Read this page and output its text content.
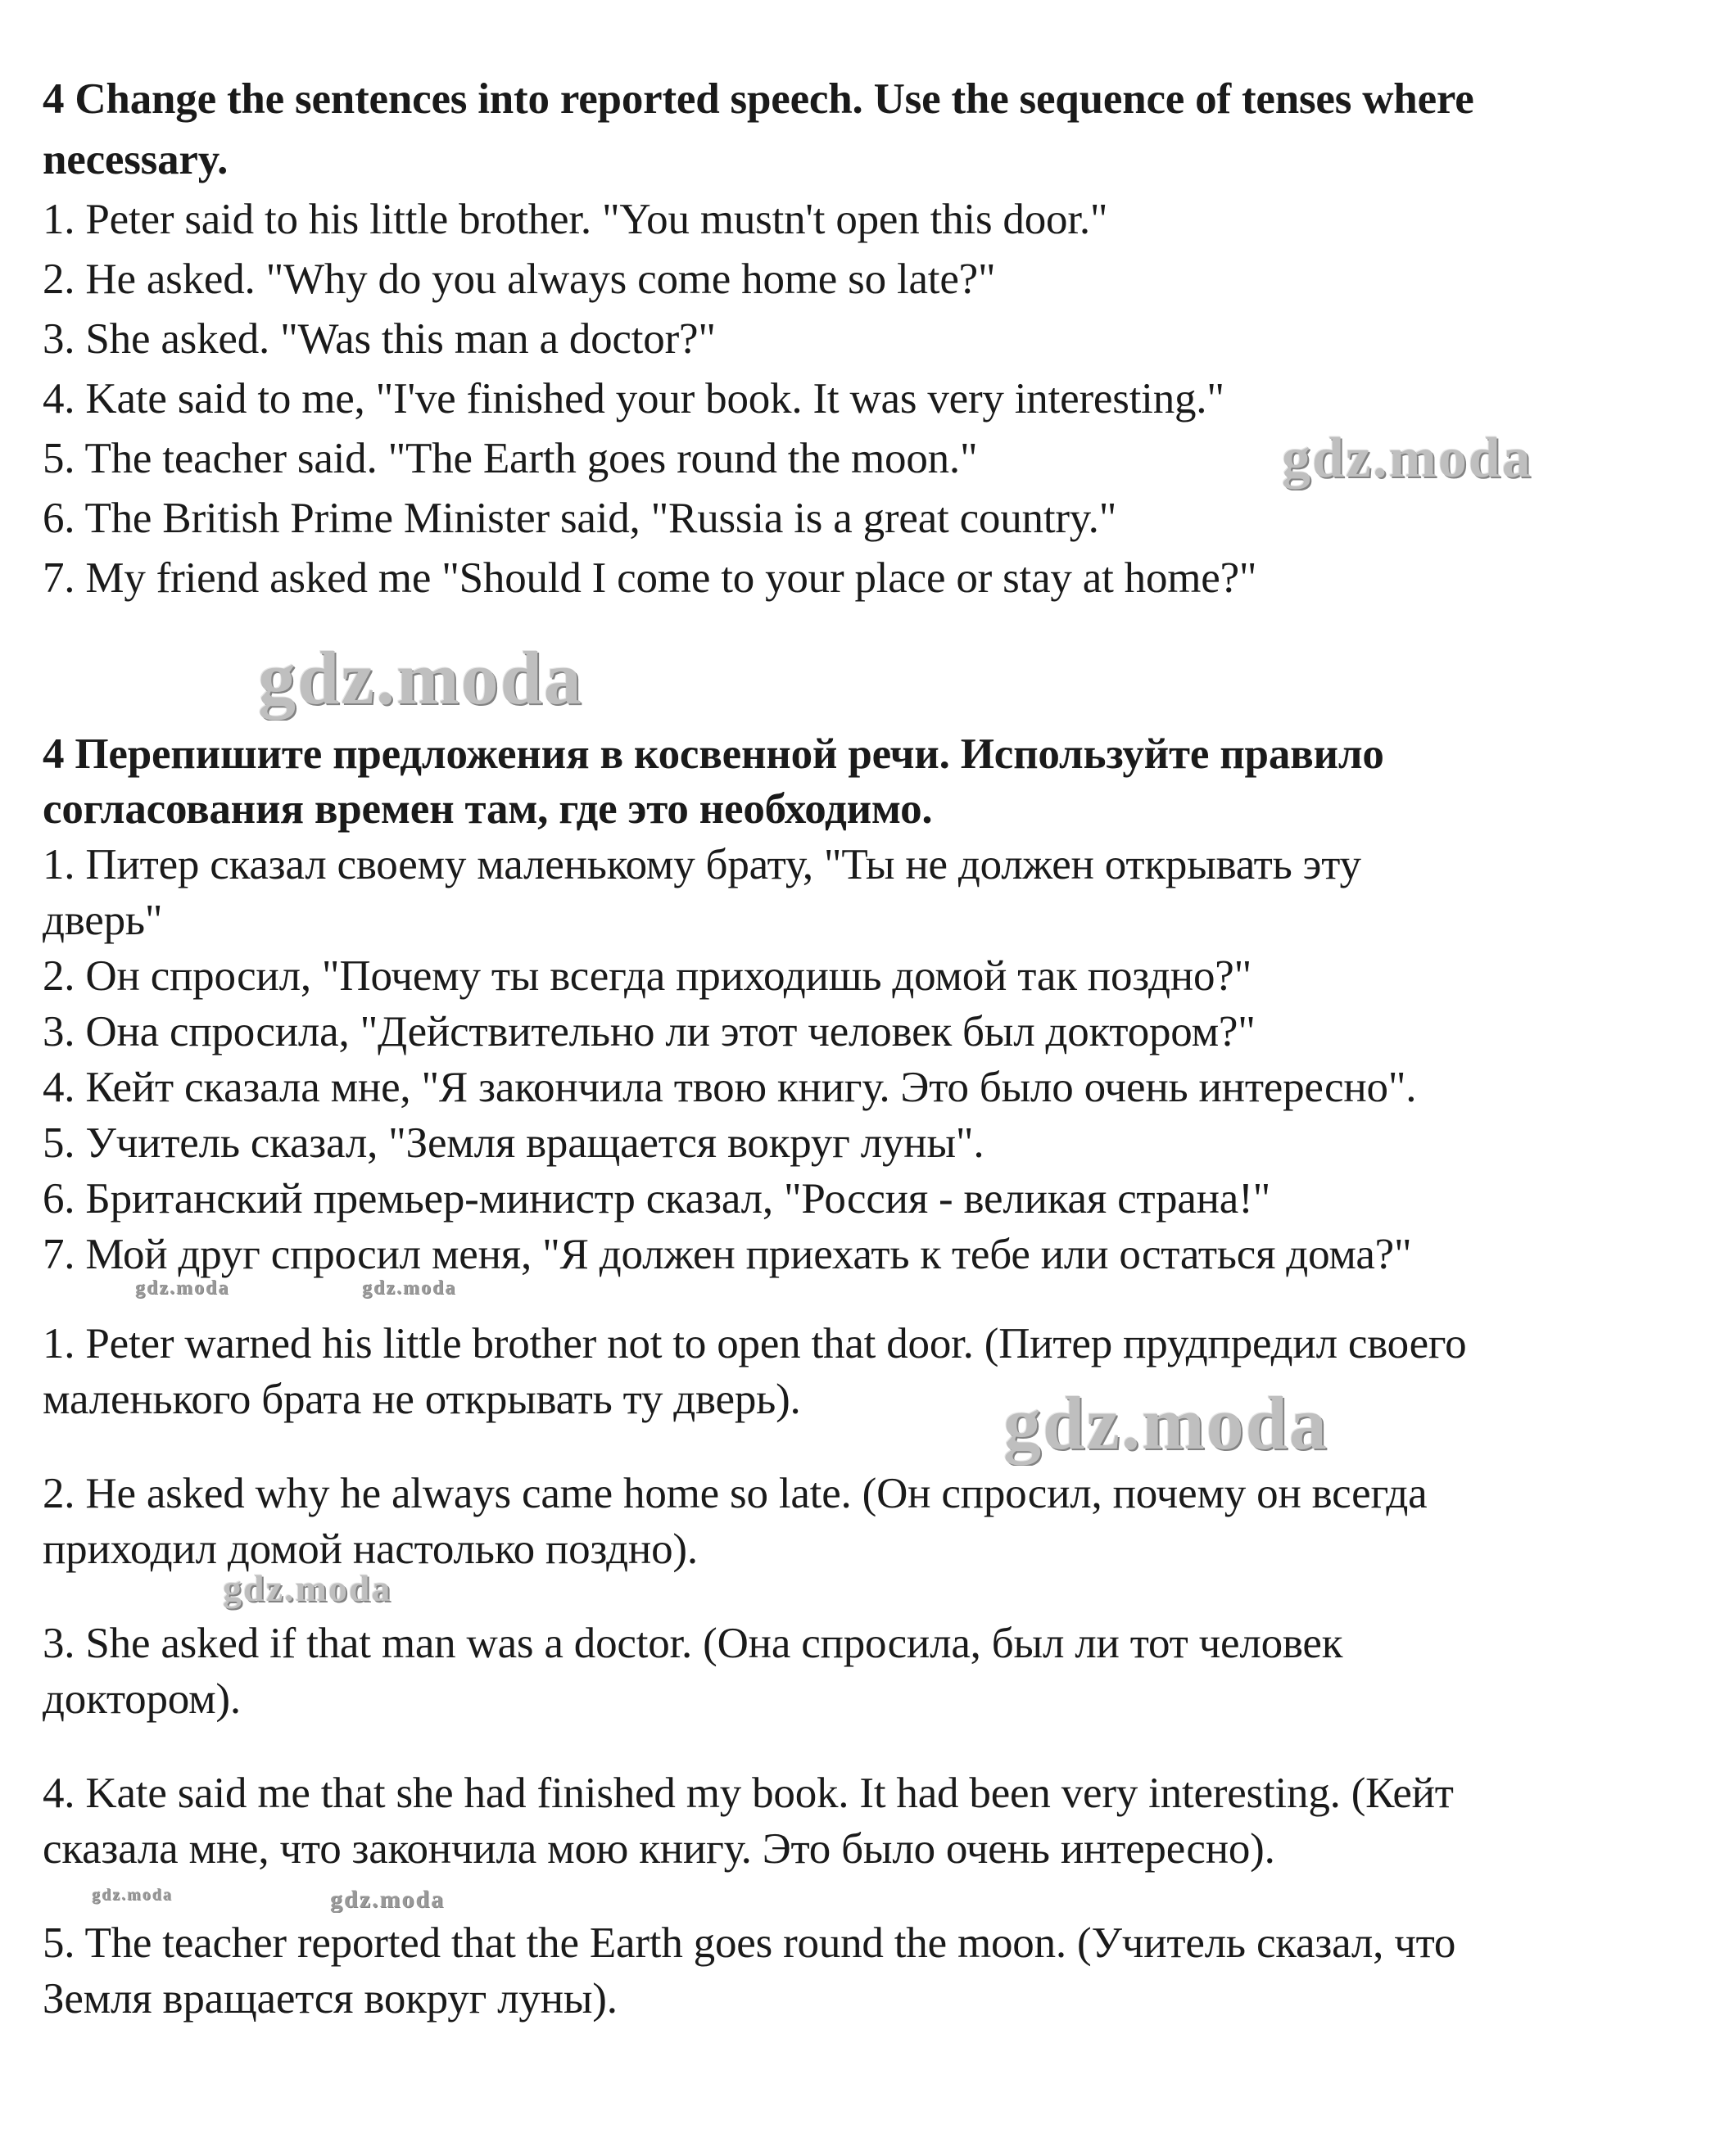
4 Change the sentences into reported speech. Use the sequence of tenses where
necessary.
1. Peter said to his little brother. "You mustn't open this door."
2. He asked. "Why do you always come home so late?"
3. She asked. "Was this man a doctor?"
4. Kate said to me, "I've finished your book. It was very interesting."
5. The teacher said. "The Earth goes round the moon."
6. The British Prime Minister said, "Russia is a great country."
7. My friend asked me "Should I come to your place or stay at home?"
4 Перепишите предложения в косвенной речи. Используйте правило
согласования времен там, где это необходимо.
1. Питер сказал своему маленькому брату, "Ты не должен открывать эту
дверь"
2. Он спросил, "Почему ты всегда приходишь домой так поздно?"
3. Она спросила, "Действительно ли этот человек был доктором?"
4. Кейт сказала мне, "Я закончила твою книгу. Это было очень интересно".
5. Учитель сказал, "Земля вращается вокруг луны".
6. Британский премьер-министр сказал, "Россия - великая страна!"
7. Мой друг спросил меня, "Я должен приехать к тебе или остаться дома?"
1. Peter warned his little brother not to open that door. (Питер прудпредил своего
маленького брата не открывать ту дверь).
2. He asked why he always came home so late. (Он спросил, почему он всегда
приходил домой настолько поздно).
3. She asked if that man was a doctor. (Она спросила, был ли тот человек
доктором).
4. Kate said me that she had finished my book. It had been very interesting. (Кейт
сказала мне, что закончила мою книгу. Это было очень интересно).
5. The teacher reported that the Earth goes round the moon. (Учитель сказал, что
Земля вращается вокруг луны).
gdz.moda
gdz.moda
gdz.moda	gdz.moda
gdz.moda
gdz.moda
gdz.moda	gdz.moda
